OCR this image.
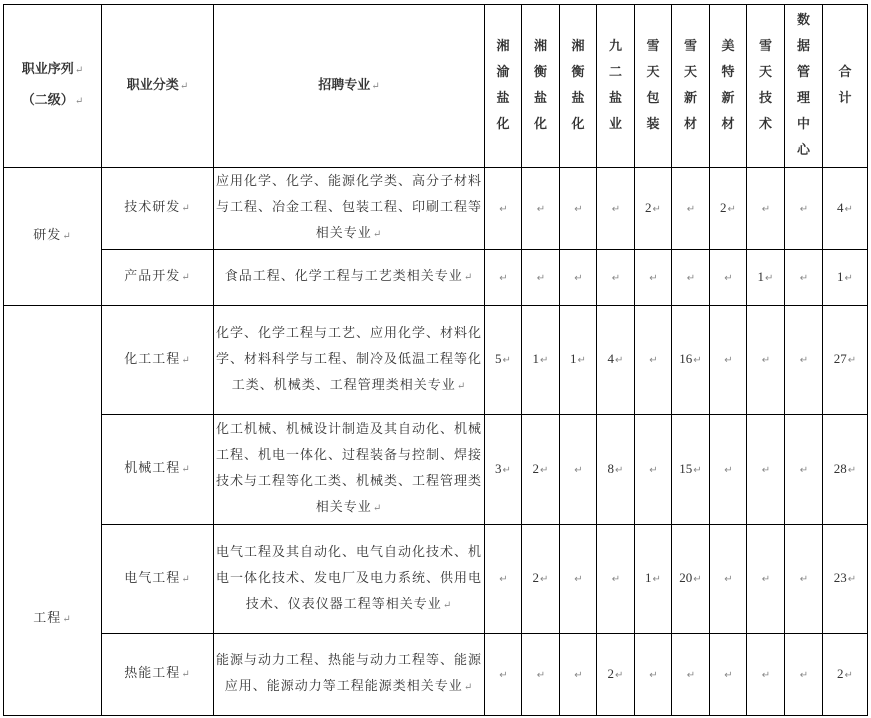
职业序列↵
（二级）↵	职业分类↵	招聘专业↵	湘渝盐化	湘衡盐化	湘衡盐化	九二盐业	雪天包装	雪天新材	美特新材	雪天技术	数据管理中心	合计
研发↵	技术研发↵	应用化学、化学、能源化学类、高分子材料与工程、冶金工程、包装工程、印刷工程等相关专业↵	↵	↵	↵	↵	2↵	↵	2↵	↵	↵	4↵
	产品开发↵	食品工程、化学工程与工艺类相关专业↵	↵	↵	↵	↵	↵	↵	↵	1↵	↵	1↵
工程↵	化工工程↵	化学、化学工程与工艺、应用化学、材料化学、材料科学与工程、制冷及低温工程等化工类、机械类、工程管理类相关专业↵	5↵	1↵	1↵	4↵	↵	16↵	↵	↵	↵	27↵
	机械工程↵	化工机械、机械设计制造及其自动化、机械工程、机电一体化、过程装备与控制、焊接技术与工程等化工类、机械类、工程管理类相关专业↵	3↵	2↵	↵	8↵	↵	15↵	↵	↵	↵	28↵
	电气工程↵	电气工程及其自动化、电气自动化技术、机电一体化技术、发电厂及电力系统、供用电技术、仪表仪器工程等相关专业↵	↵	2↵	↵	↵	1↵	20↵	↵	↵	↵	23↵
	热能工程↵	能源与动力工程、热能与动力工程等、能源应用、能源动力等工程能源类相关专业↵	↵	↵	↵	2↵	↵	↵	↵	↵	↵	2↵
